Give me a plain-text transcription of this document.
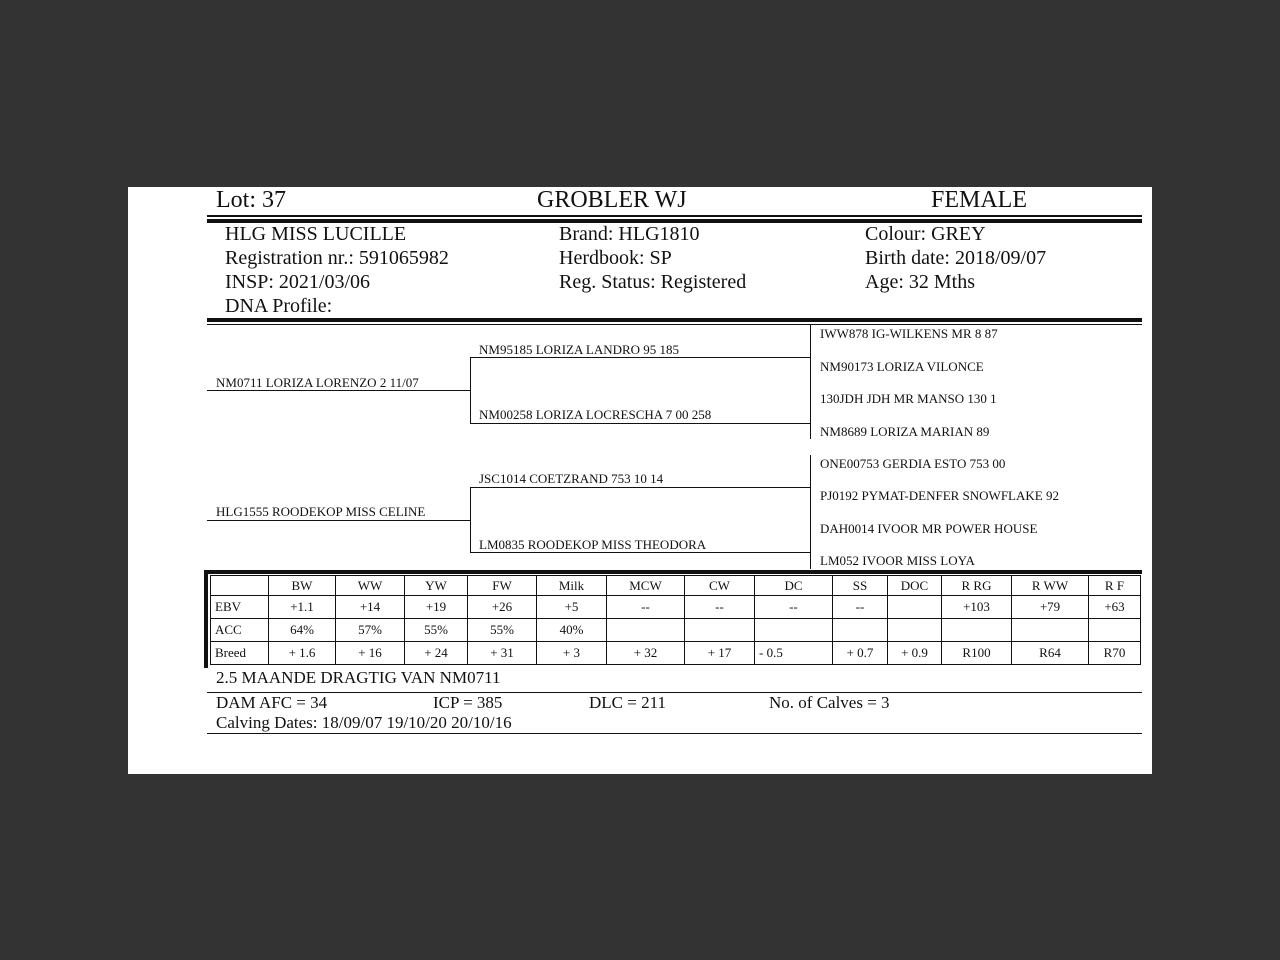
Lot: 37	GROBLER WJ	FEMALE
HLG MISS LUCILLE
Registration nr.: 591065982
INSP: 2021/03/06
DNA Profile:
Brand: HLG1810
Herdbook: SP
Reg. Status: Registered
Colour: GREY
Birth date: 2018/09/07
Age: 32 Mths
NM0711 LORIZA LORENZO 2 11/07
HLG1555 ROODEKOP MISS CELINE
NM95185 LORIZA LANDRO 95 185
NM00258 LORIZA LOCRESCHA 7 00 258
JSC1014 COETZRAND 753 10 14
LM0835 ROODEKOP MISS THEODORA
IWW878 IG-WILKENS MR 8 87
NM90173 LORIZA VILONCE
130JDH JDH MR MANSO 130 1
NM8689 LORIZA MARIAN 89
ONE00753 GERDIA ESTO 753 00
PJ0192 PYMAT-DENFER SNOWFLAKE 92
DAH0014 IVOOR MR POWER HOUSE
LM052 IVOOR MISS LOYA
	BW	WW	YW	FW	Milk	MCW	CW	DC	SS	DOC	R RG	R WW	R F
EBV	+1.1	+14	+19	+26	+5	--	--	--	--		+103	+79	+63
ACC	64%	57%	55%	55%	40%								
Breed	+ 1.6	+ 16	+ 24	+ 31	+ 3	+ 32	+ 17	- 0.5	+ 0.7	+ 0.9	R100	R64	R70
2.5 MAANDE DRAGTIG VAN NM0711
DAM AFC = 34	ICP = 385	DLC = 211	No. of Calves = 3
Calving Dates: 18/09/07 19/10/20 20/10/16
